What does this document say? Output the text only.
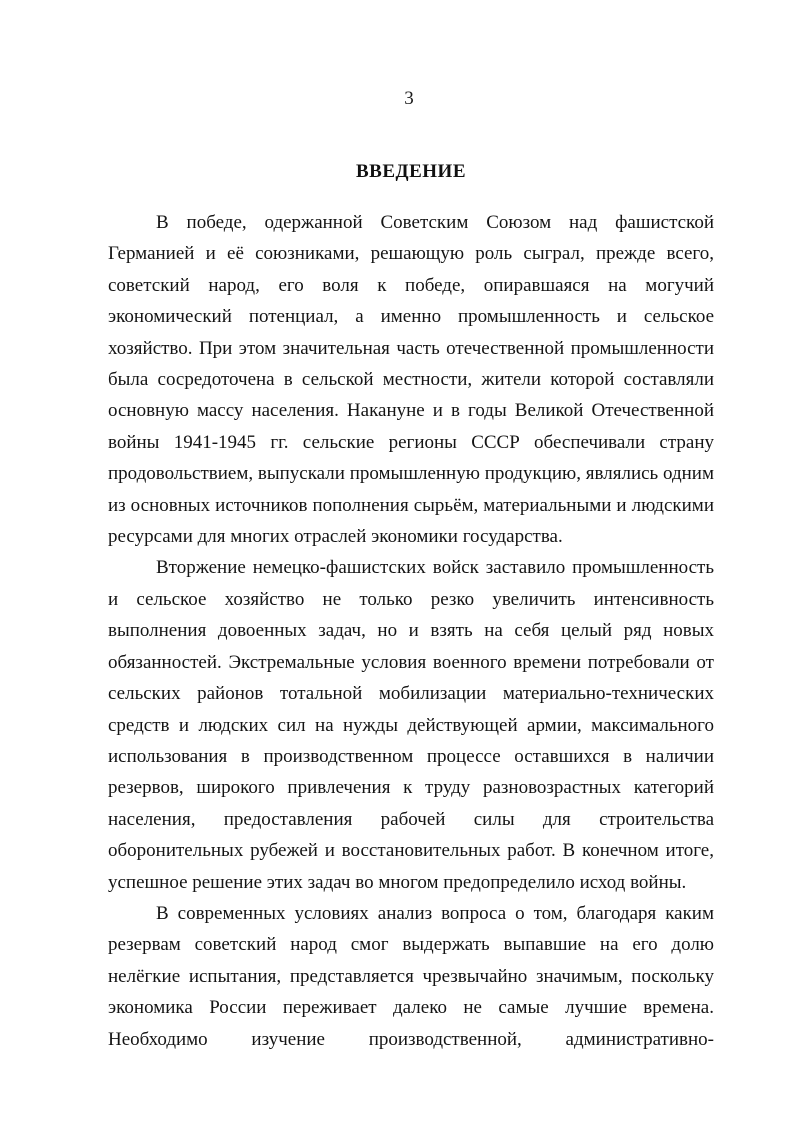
3
ВВЕДЕНИЕ

В победе, одержанной Советским Союзом над фашистской Германией и её союзниками, решающую роль сыграл, прежде всего, советский народ, его воля к победе, опиравшаяся на могучий экономический потенциал, а именно промышленность и сельское хозяйство. При этом значительная часть отечественной промышленности была сосредоточена в сельской местности, жители которой составляли основную массу населения. Накануне и в годы Великой Отечественной войны 1941-1945 гг. сельские регионы СССР обеспечивали страну продовольствием, выпускали промышленную продукцию, являлись одним из основных источников пополнения сырьём, материальными и людскими ресурсами для многих отраслей экономики государства.

Вторжение немецко-фашистских войск заставило промышленность и сельское хозяйство не только резко увеличить интенсивность выполнения довоенных задач, но и взять на себя целый ряд новых обязанностей. Экстремальные условия военного времени потребовали от сельских районов тотальной мобилизации материально-технических средств и людских сил на нужды действующей армии, максимального использования в производственном процессе оставшихся в наличии резервов, широкого привлечения к труду разновозрастных категорий населения, предоставления рабочей силы для строительства оборонительных рубежей и восстановительных работ. В конечном итоге, успешное решение этих задач во многом предопределило исход войны.

В современных условиях анализ вопроса о том, благодаря каким резервам советский народ смог выдержать выпавшие на его долю нелёгкие испытания, представляется чрезвычайно значимым, поскольку экономика России переживает далеко не самые лучшие времена. Необходимо изучение производственной, административно-
